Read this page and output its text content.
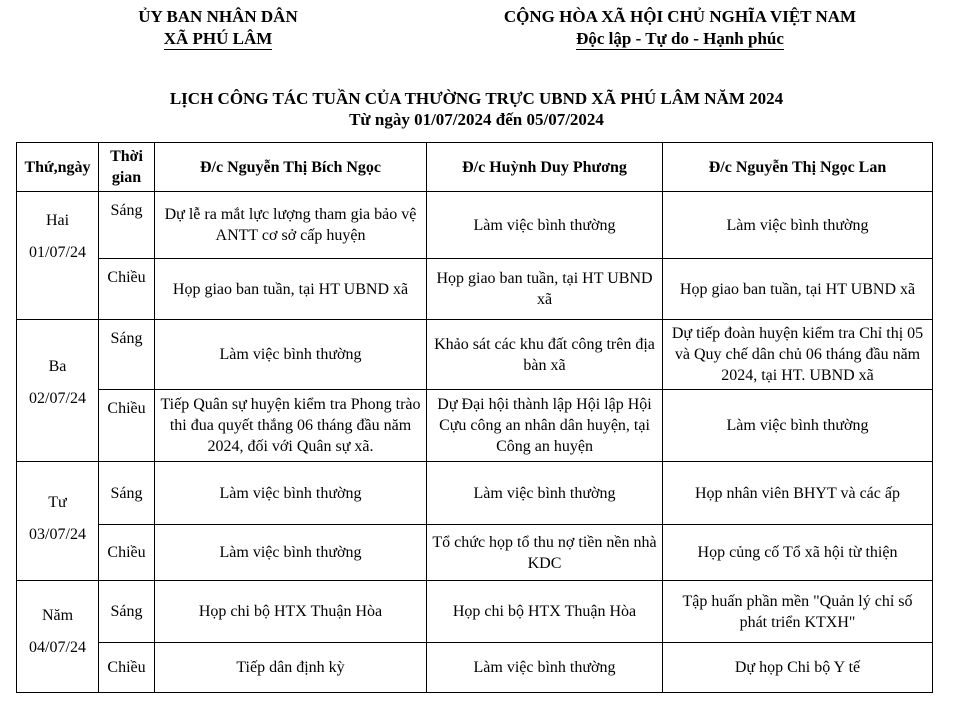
ỦY BAN NHÂN DÂN
XÃ PHÚ LÂM
CỘNG HÒA XÃ HỘI CHỦ NGHĨA VIỆT NAM
Độc lập - Tự do - Hạnh phúc
LỊCH CÔNG TÁC TUẦN CỦA THƯỜNG TRỰC UBND XÃ PHÚ LÂM NĂM 2024
Từ ngày 01/07/2024 đến 05/07/2024
Thứ,ngày	Thời gian	Đ/c Nguyễn Thị Bích Ngọc	Đ/c Huỳnh Duy Phương	Đ/c Nguyễn Thị Ngọc Lan

Hai
01/07/24	Sáng	Dự lễ ra mắt lực lượng tham gia bảo vệ ANTT cơ sở cấp huyện	Làm việc bình thường	Làm việc bình thường
	Chiều	Họp giao ban tuần, tại HT UBND xã	Họp giao ban tuần, tại HT UBND xã	Họp giao ban tuần, tại HT UBND xã

Ba
02/07/24	Sáng	Làm việc bình thường	Khảo sát các khu đất công trên địa bàn xã	Dự tiếp đoàn huyện kiểm tra Chỉ thị 05 và Quy chế dân chủ 06 tháng đầu năm 2024, tại HT. UBND xã
	Chiều	Tiếp Quân sự huyện kiểm tra Phong trào thi đua quyết thắng 06 tháng đầu năm 2024, đối với Quân sự xã.	Dự Đại hội thành lập Hội lập Hội Cựu công an nhân dân huyện, tại Công an huyện	Làm việc bình thường

Tư
03/07/24	Sáng	Làm việc bình thường	Làm việc bình thường	Họp nhân viên BHYT và các ấp
	Chiều	Làm việc bình thường	Tổ chức họp tổ thu nợ tiền nền nhà KDC	Họp củng cố Tổ xã hội từ thiện

Năm
04/07/24	Sáng	Họp chi bộ HTX Thuận Hòa	Họp chi bộ HTX Thuận Hòa	Tập huấn phần mền "Quản lý chỉ số phát triển KTXH"
	Chiều	Tiếp dân định kỳ	Làm việc bình thường	Dự họp Chi bộ Y tế
